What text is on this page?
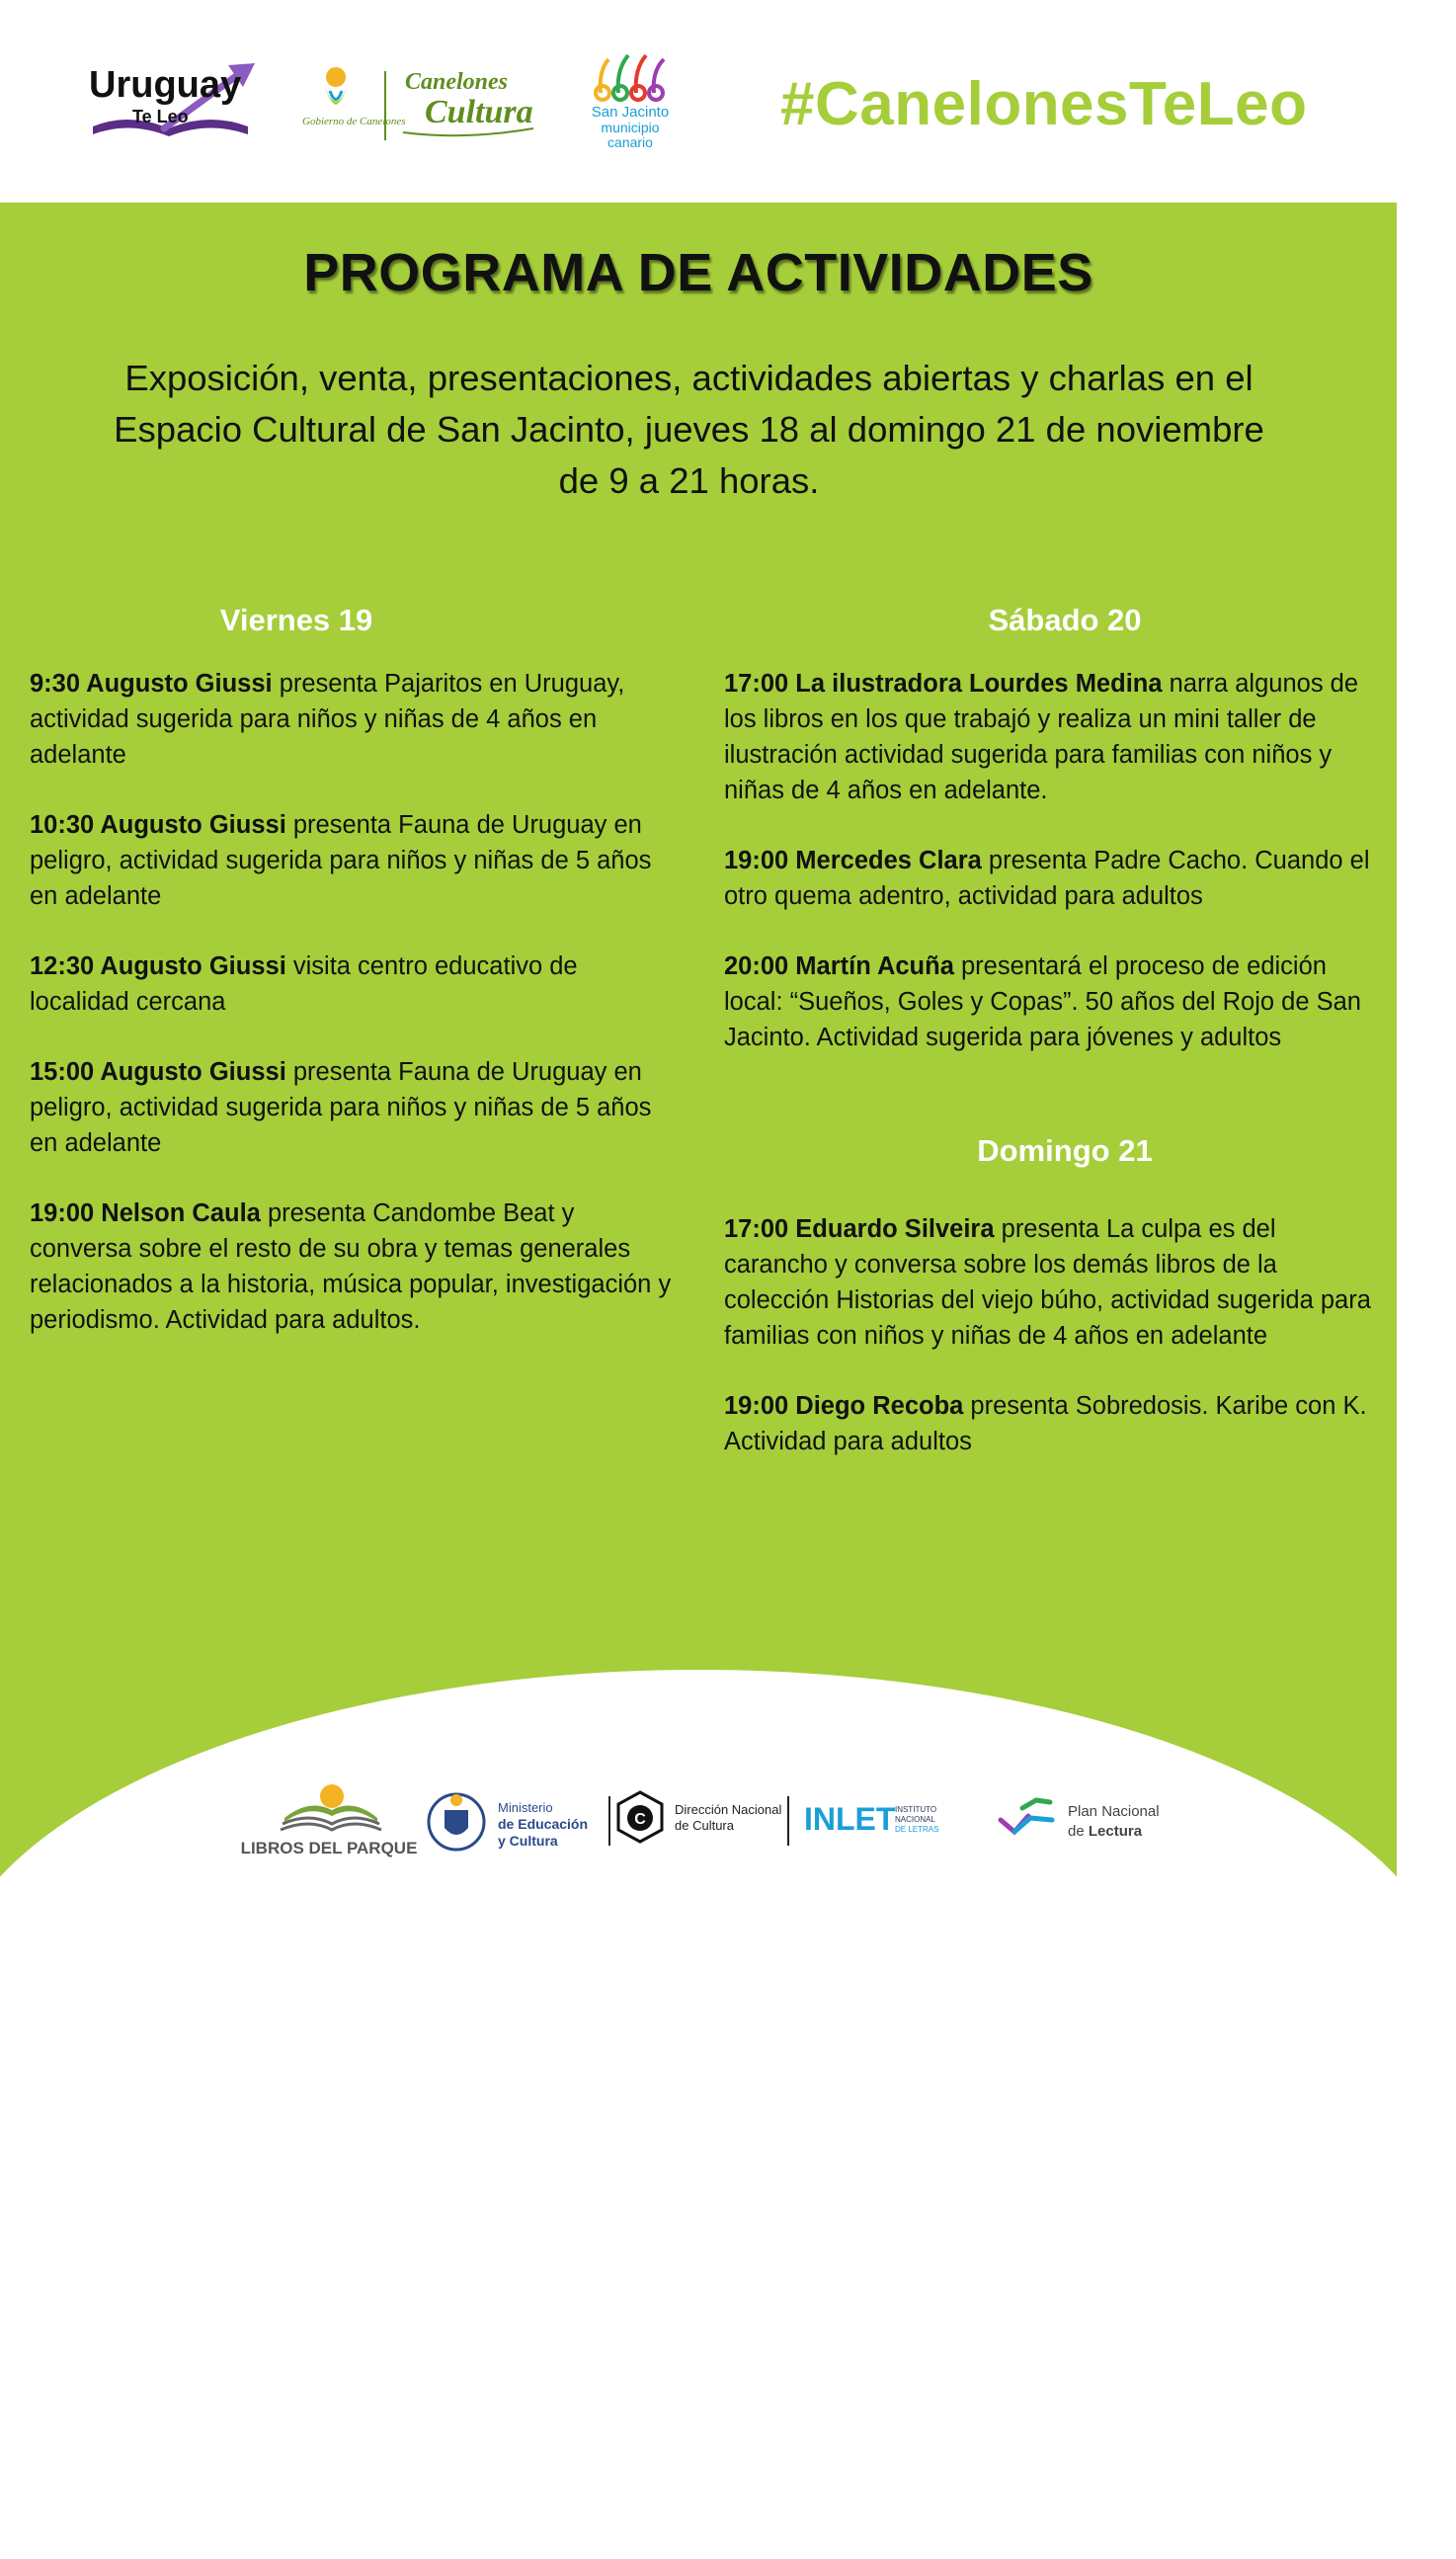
Uruguay
Te Leo	Gobierno de Canelones
Canelones
Cultura	San Jacinto
municipio
canario
#CanelonesTeLeo
PROGRAMA DE ACTIVIDADES
Exposición, venta, presentaciones, actividades abiertas y charlas en el Espacio Cultural de San Jacinto, jueves 18 al domingo 21 de noviembre de 9 a 21 horas.
Viernes 19
9:30 Augusto Giussi presenta Pajaritos en Uruguay, actividad sugerida para niños y niñas de 4 años en adelante
10:30 Augusto Giussi presenta Fauna de Uruguay en peligro, actividad sugerida para niños y niñas de 5 años en adelante
12:30 Augusto Giussi visita centro educativo de localidad cercana
15:00 Augusto Giussi presenta Fauna de Uruguay en peligro, actividad sugerida para niños y niñas de 5 años en adelante
19:00 Nelson Caula presenta Candombe Beat y conversa sobre el resto de su obra y temas generales relacionados a la historia, música popular, investigación y periodismo. Actividad para adultos.
Sábado 20
17:00 La ilustradora Lourdes Medina narra algunos de los libros en los que trabajó y realiza un mini taller de ilustración actividad sugerida para familias con niños y niñas de 4 años en adelante.
19:00 Mercedes Clara presenta Padre Cacho. Cuando el otro quema adentro, actividad para adultos
20:00 Martín Acuña presentará el proceso de edición local: “Sueños, Goles y Copas”. 50 años del Rojo de San Jacinto. Actividad sugerida para jóvenes y adultos
Domingo 21
17:00 Eduardo Silveira presenta La culpa es del carancho y conversa sobre los demás libros de la colección Historias del viejo búho, actividad sugerida para familias con niños y niñas de 4 años en adelante
19:00 Diego Recoba presenta Sobredosis. Karibe con K. Actividad para adultos
LIBROS DEL PARQUE
Ministerio
de Educación
y Cultura
C
Dirección Nacional
de Cultura INLET INSTITUTO
NACIONAL
DE LETRAS
Plan Nacional
de Lectura
